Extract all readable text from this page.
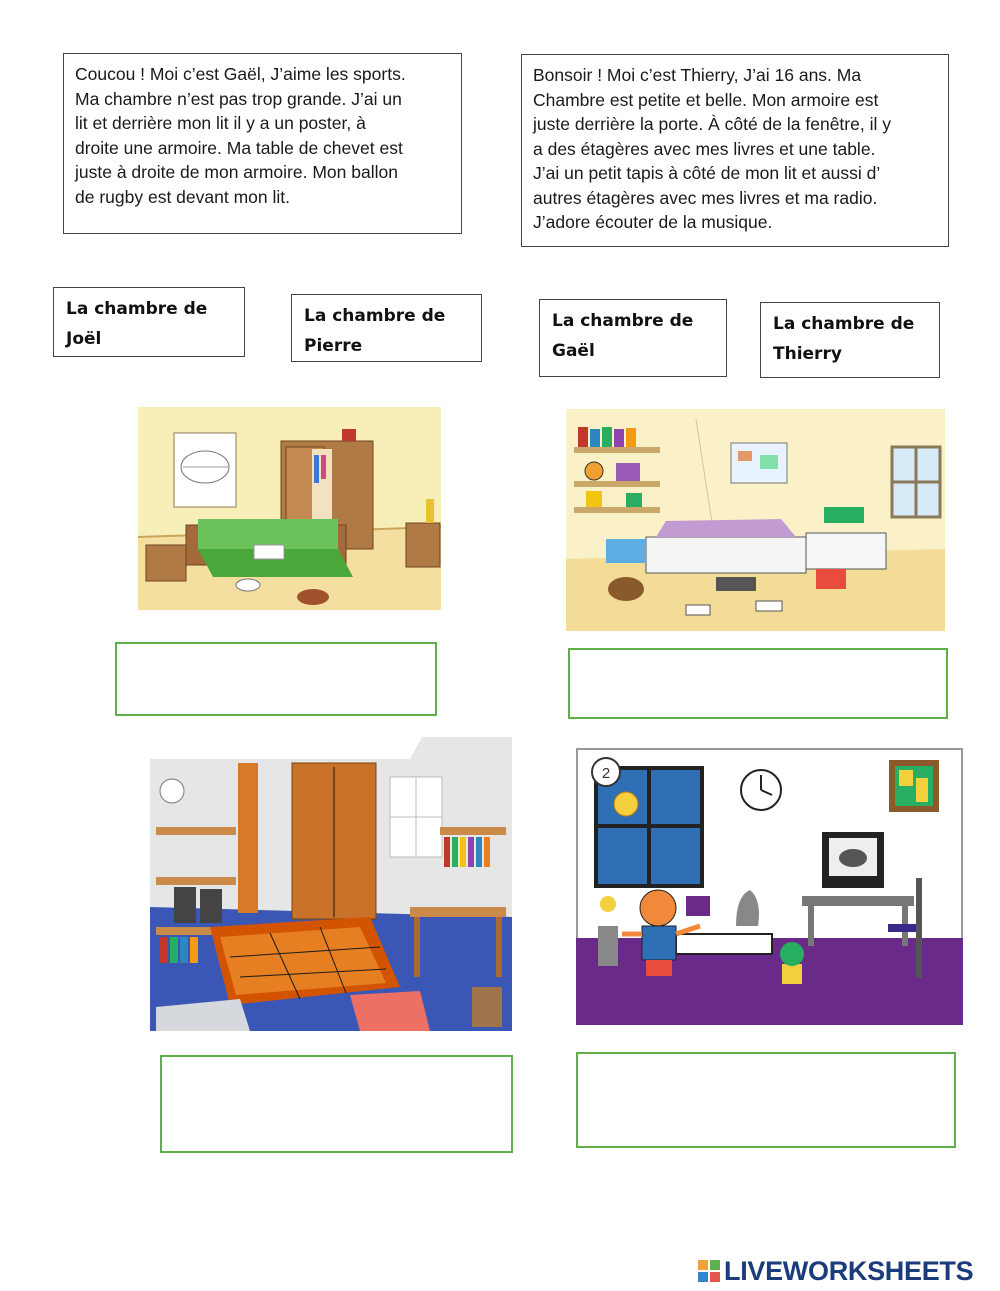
Coucou ! Moi c’est Gaël, J’aime les sports.
Ma chambre n’est pas trop grande. J’ai un
lit et derrière mon lit il y a un poster, à
droite une armoire. Ma table de chevet est
juste à droite de mon armoire. Mon ballon
de rugby est devant mon lit.
Bonsoir ! Moi c’est Thierry, J’ai 16 ans. Ma
Chambre est petite et belle. Mon armoire est
juste derrière la porte. À côté de la fenêtre, il y
a des étagères avec mes livres et une table.
J’ai un petit tapis à côté de mon lit et aussi d’
autres étagères avec mes livres et ma radio.
J’adore écouter de la musique.
La chambre de
Joël
La chambre de
Pierre
La chambre de
Gaël
La chambre de
Thierry
2
LIVEWORKSHEETS
